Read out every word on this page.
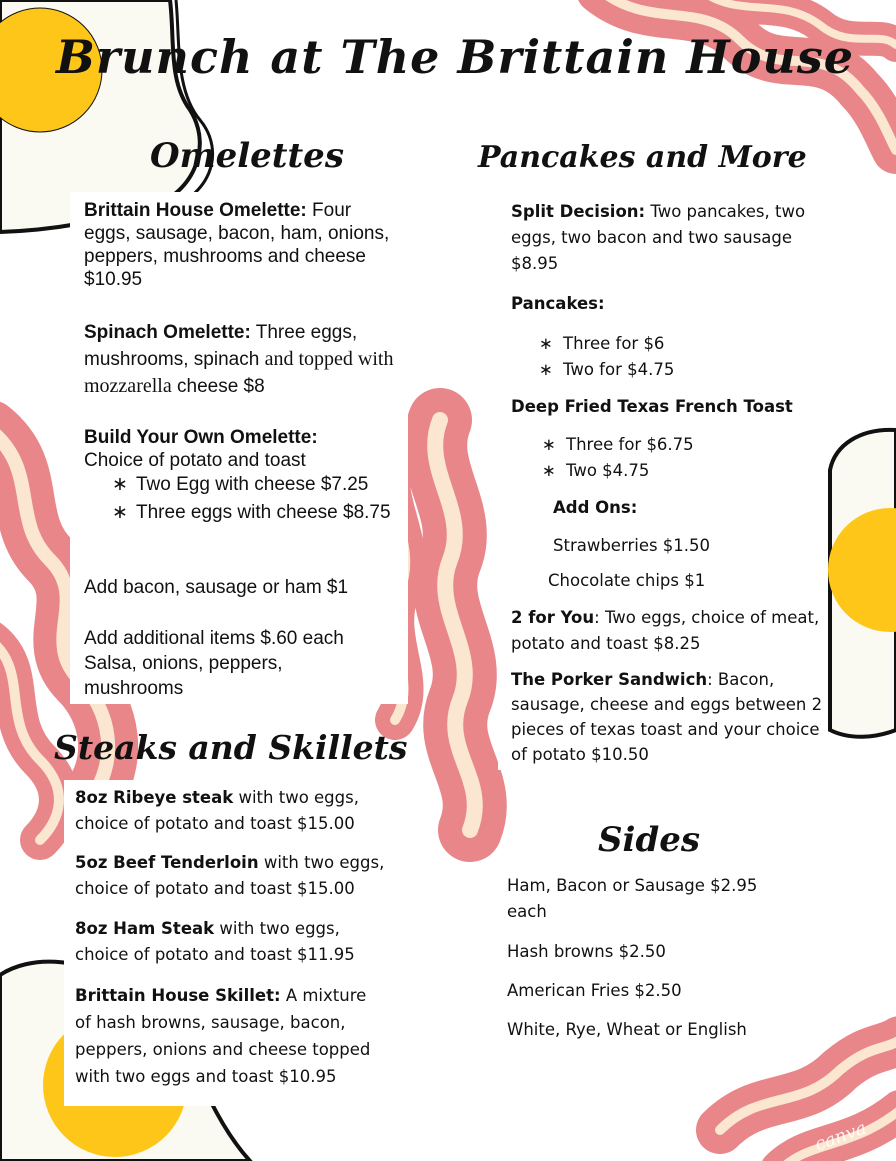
Brunch at The Brittain House
Omelettes

Brittain House Omelette: Four eggs, sausage, bacon, ham, onions, peppers, mushrooms and cheese $10.95

Spinach Omelette: Three eggs, mushrooms, spinach and topped with mozzarella cheese $8

Build Your Own Omelette:
Choice of potato and toast
∗ Two Egg with cheese $7.25
∗ Three eggs with cheese $8.75

Add bacon, sausage or ham $1

Add additional items $.60 each Salsa, onions, peppers, mushrooms

Steaks and Skillets

8oz Ribeye steak with two eggs, choice of potato and toast $15.00

5oz Beef Tenderloin with two eggs, choice of potato and toast $15.00

8oz Ham Steak with two eggs, choice of potato and toast $11.95

Brittain House Skillet: A mixture of hash browns, sausage, bacon, peppers, onions and cheese topped with two eggs and toast $10.95

Pancakes and More

Split Decision: Two pancakes, two eggs, two bacon and two sausage $8.95

Pancakes:

∗ Three for $6
∗ Two for $4.75

Deep Fried Texas French Toast

∗ Three for $6.75
∗ Two $4.75

Add Ons:

Strawberries $1.50

Chocolate chips $1

2 for You: Two eggs, choice of meat, potato and toast $8.25

The Porker Sandwich: Bacon, sausage, cheese and eggs between 2 pieces of texas toast and your choice of potato $10.50

Sides

Ham, Bacon or Sausage $2.95 each

Hash browns $2.50

American Fries $2.50

White, Rye, Wheat or English

canva
